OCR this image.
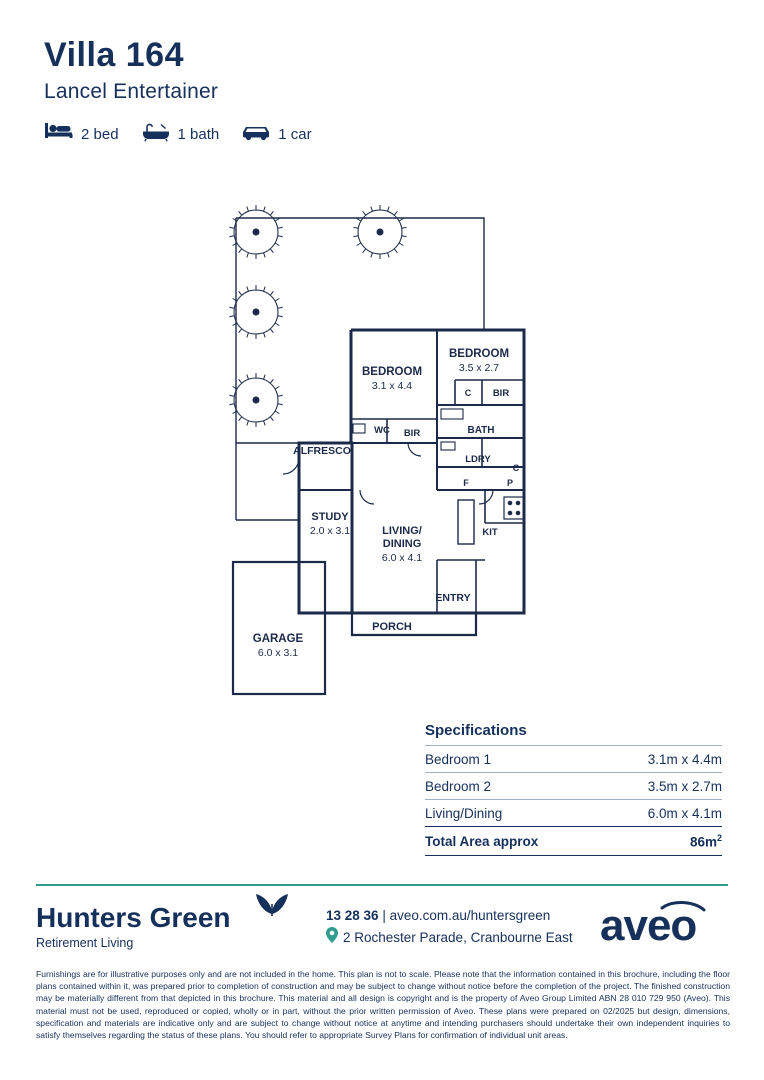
Villa 164
Lancel Entertainer
2 bed	1 bath	1 car
BEDROOM
3.1 x 4.4
BEDROOM
3.5 x 2.7
ALFRESCO
BIR
BIR
C
C
BATH
WC
LDRY
F	P
KIT
STUDY
2.0 x 3.1	LIVING/
DINING
6.0 x 4.1
ENTRY
PORCH
GARAGE
6.0 x 3.1
Specifications
Bedroom 1	3.1m x 4.4m
Bedroom 2	3.5m x 2.7m
Living/Dining	6.0m x 4.1m
Total Area approx	$86m^2$
Hunters Green
Retirement Living
13 28 36 | aveo.com.au/huntersgreen
2 Rochester Parade, Cranbourne East aveo
Furnishings are for illustrative purposes only and are not included in the home. This plan is not to scale. Please note that the information contained in this brochure, including the floor plans contained within it, was prepared prior to completion of construction and may be subject to change without notice before the completion of the project. The finished construction may be materially different from that depicted in this brochure. This material and all design is copyright and is the property of Aveo Group Limited ABN 28 010 729 950 (Aveo). This material must not be used, reproduced or copied, wholly or in part, without the prior written permission of Aveo. These plans were prepared on 02/2025 but design, dimensions, specification and materials are indicative only and are subject to change without notice at anytime and intending purchasers should undertake their own independent inquiries to satisfy themselves regarding the status of these plans. You should refer to appropriate Survey Plans for confirmation of individual unit areas.
